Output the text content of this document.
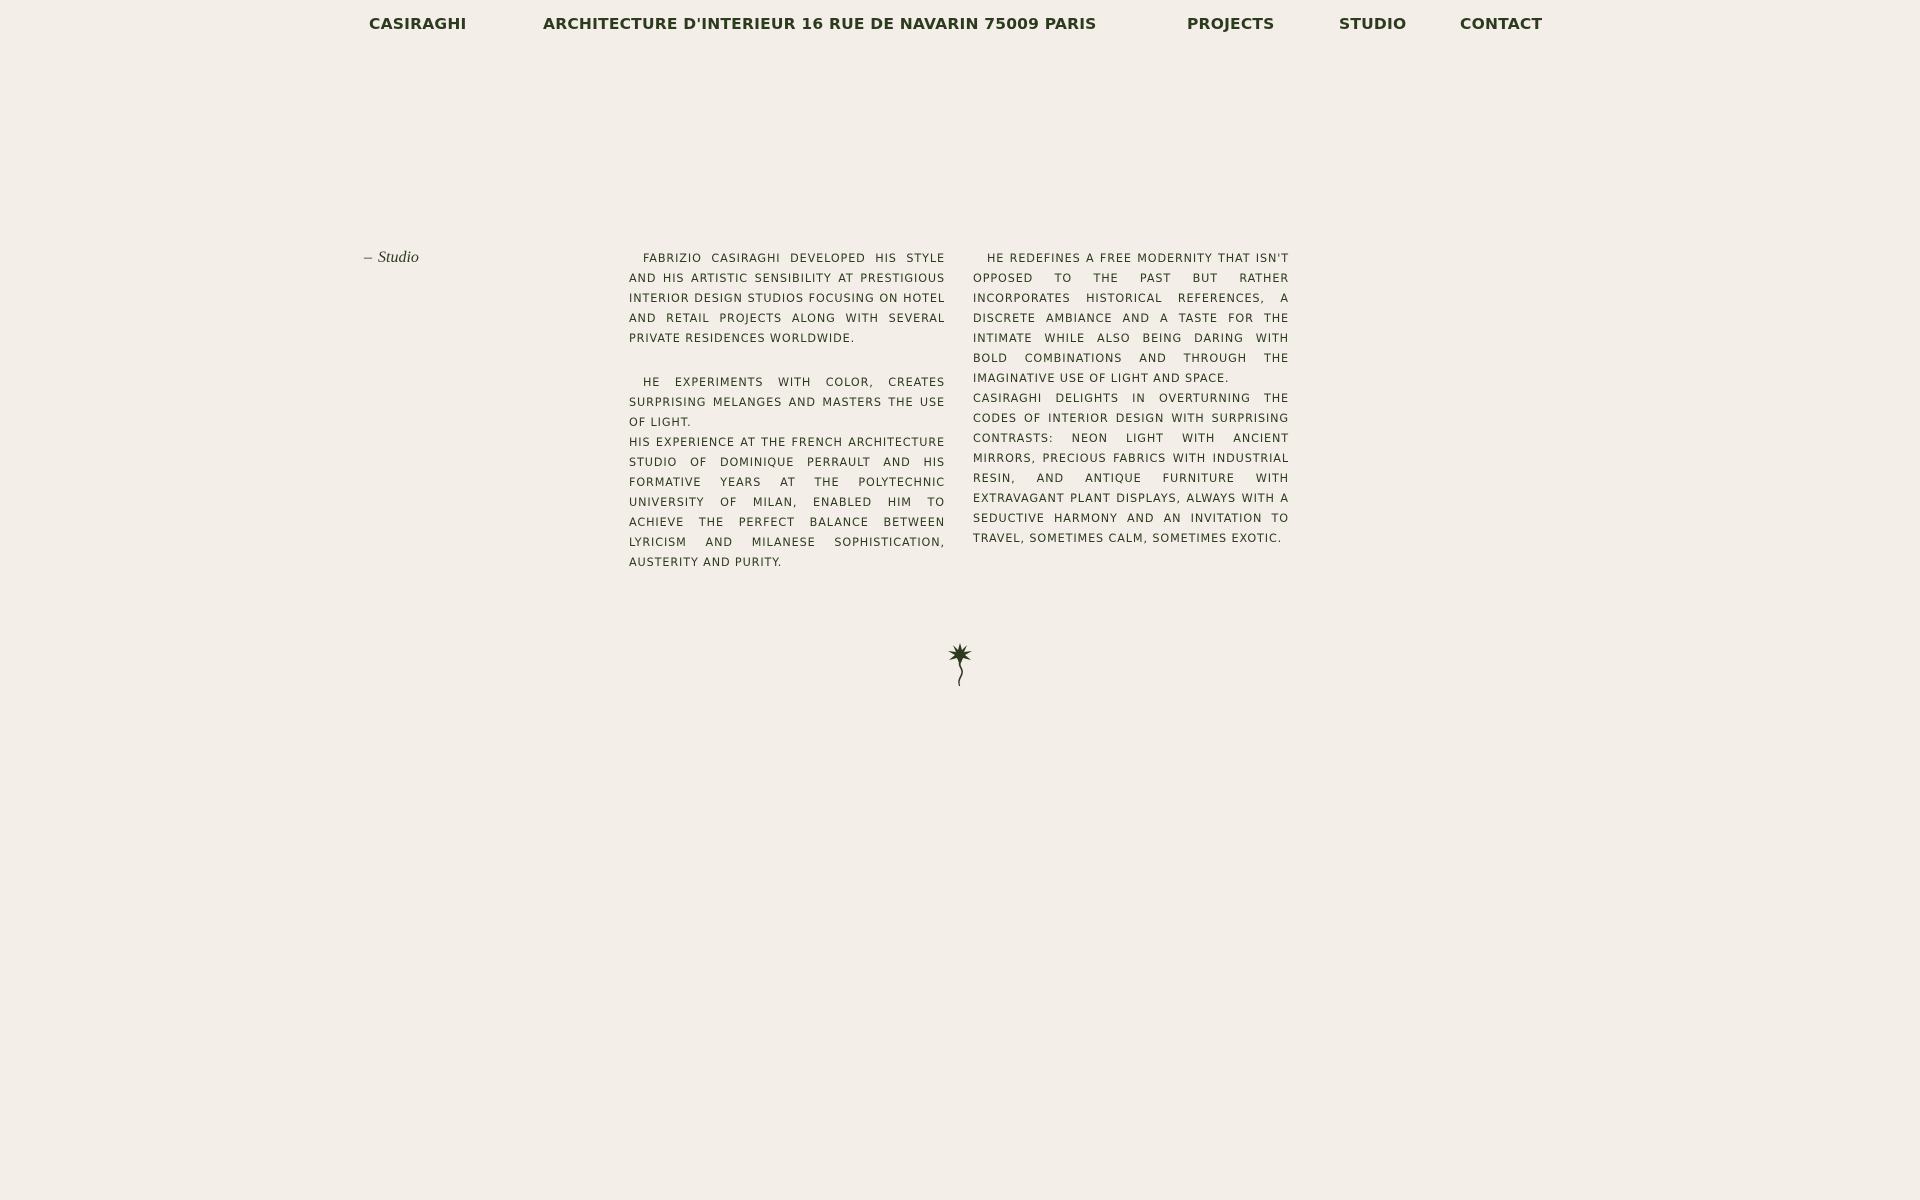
CASIRAGHI	ARCHITECTURE D'INTERIEUR 16 RUE DE NAVARIN 75009 PARIS	PROJECTS	STUDIO	CONTACT
– Studio	FABRIZIO CASIRAGHI DEVELOPED HIS STYLE AND HIS ARTISTIC SENSIBILITY AT PRESTIGIOUS INTERIOR DESIGN STUDIOS FOCUSING ON HOTEL AND RETAIL PROJECTS ALONG WITH SEVERAL PRIVATE RESIDENCES WORLDWIDE.

HE EXPERIMENTS WITH COLOR, CREATES SURPRISING MELANGES AND MASTERS THE USE OF LIGHT.

HIS EXPERIENCE AT THE FRENCH ARCHITECTURE STUDIO OF DOMINIQUE PERRAULT AND HIS FORMATIVE YEARS AT THE POLYTECHNIC UNIVERSITY OF MILAN, ENABLED HIM TO ACHIEVE THE PERFECT BALANCE BETWEEN LYRICISM AND MILANESE SOPHISTICATION, AUSTERITY AND PURITY.

HE REDEFINES A FREE MODERNITY THAT ISN'T OPPOSED TO THE PAST BUT RATHER INCORPORATES HISTORICAL REFERENCES, A DISCRETE AMBIANCE AND A TASTE FOR THE INTIMATE WHILE ALSO BEING DARING WITH BOLD COMBINATIONS AND THROUGH THE IMAGINATIVE USE OF LIGHT AND SPACE.

CASIRAGHI DELIGHTS IN OVERTURNING THE CODES OF INTERIOR DESIGN WITH SURPRISING CONTRASTS: NEON LIGHT WITH ANCIENT MIRRORS, PRECIOUS FABRICS WITH INDUSTRIAL RESIN, AND ANTIQUE FURNITURE WITH EXTRAVAGANT PLANT DISPLAYS, ALWAYS WITH A SEDUCTIVE HARMONY AND AN INVITATION TO TRAVEL, SOMETIMES CALM, SOMETIMES EXOTIC.
